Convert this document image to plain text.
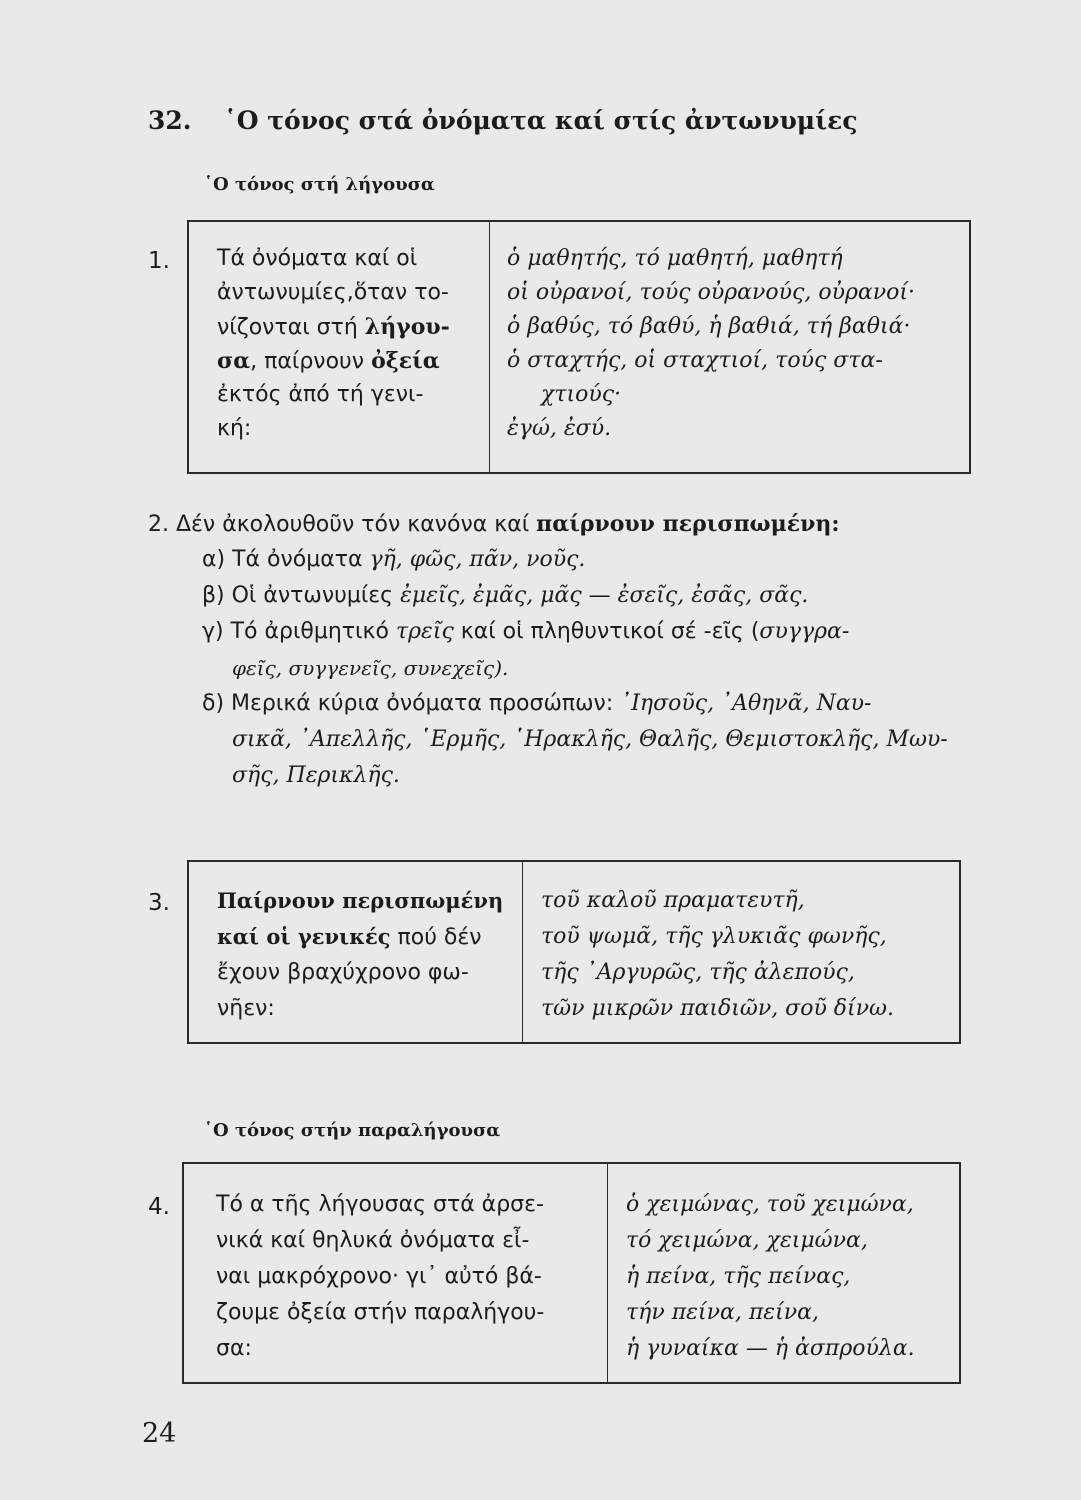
32. ῾Ο τόνος στά ὀνόματα καί στίς ἀντωνυμίες
῾Ο τόνος στή λήγουσα
1. Τά ὀνόματα καί οἱ
ἀντωνυμίες,ὅταν το-
νίζονται στή λήγου-
σα, παίρνουν ὀξεία
ἐκτός ἀπό τή γενι-
κή:
ὁ μαθητής, τό μαθητή, μαθητή
οἱ οὐρανοί, τούς οὐρανούς, οὐρανοί·
ὁ βαθύς, τό βαθύ, ἡ βαθιά, τή βαθιά·
ὁ σταχτής, οἱ σταχτιοί, τούς στα-
χτιούς·
ἐγώ, ἐσύ.
2. Δέν ἀκολουθοῦν τόν κανόνα καί παίρνουν περισπωμένη:
α) Τά ὀνόματα γῆ, φῶς, πᾶν, νοῦς.
β) Οἱ ἀντωνυμίες ἐμεῖς, ἐμᾶς, μᾶς — ἐσεῖς, ἐσᾶς, σᾶς.
γ) Τό ἀριθμητικό τρεῖς καί οἱ πληθυντικοί σέ -εῖς (συγγρα-
φεῖς, συγγενεῖς, συνεχεῖς).
δ) Μερικά κύρια ὀνόματα προσώπων: ᾿Ιησοῦς, ᾿Αθηνᾶ, Ναυ-
σικᾶ, ᾿Απελλῆς, ῾Ερμῆς, ῾Ηρακλῆς, Θαλῆς, Θεμιστοκλῆς, Μωυ-
σῆς, Περικλῆς.
3. Παίρνουν περισπωμένη
καί οἱ γενικές πού δέν
ἔχουν βραχύχρονο φω-
νῆεν:
τοῦ καλοῦ πραματευτῆ,
τοῦ ψωμᾶ, τῆς γλυκιᾶς φωνῆς,
τῆς ᾿Αργυρῶς, τῆς ἀλεπούς,
τῶν μικρῶν παιδιῶν, σοῦ δίνω.
῾Ο τόνος στήν παραλήγουσα
4. Τό α τῆς λήγουσας στά ἀρσε-
νικά καί θηλυκά ὀνόματα εἶ-
ναι μακρόχρονο· γι᾿ αὐτό βά-
ζουμε ὀξεία στήν παραλήγου-
σα:
ὁ χειμώνας, τοῦ χειμώνα,
τό χειμώνα, χειμώνα,
ἡ πείνα, τῆς πείνας,
τήν πείνα, πείνα,
ἡ γυναίκα — ἡ ἀσπρούλα.
24
